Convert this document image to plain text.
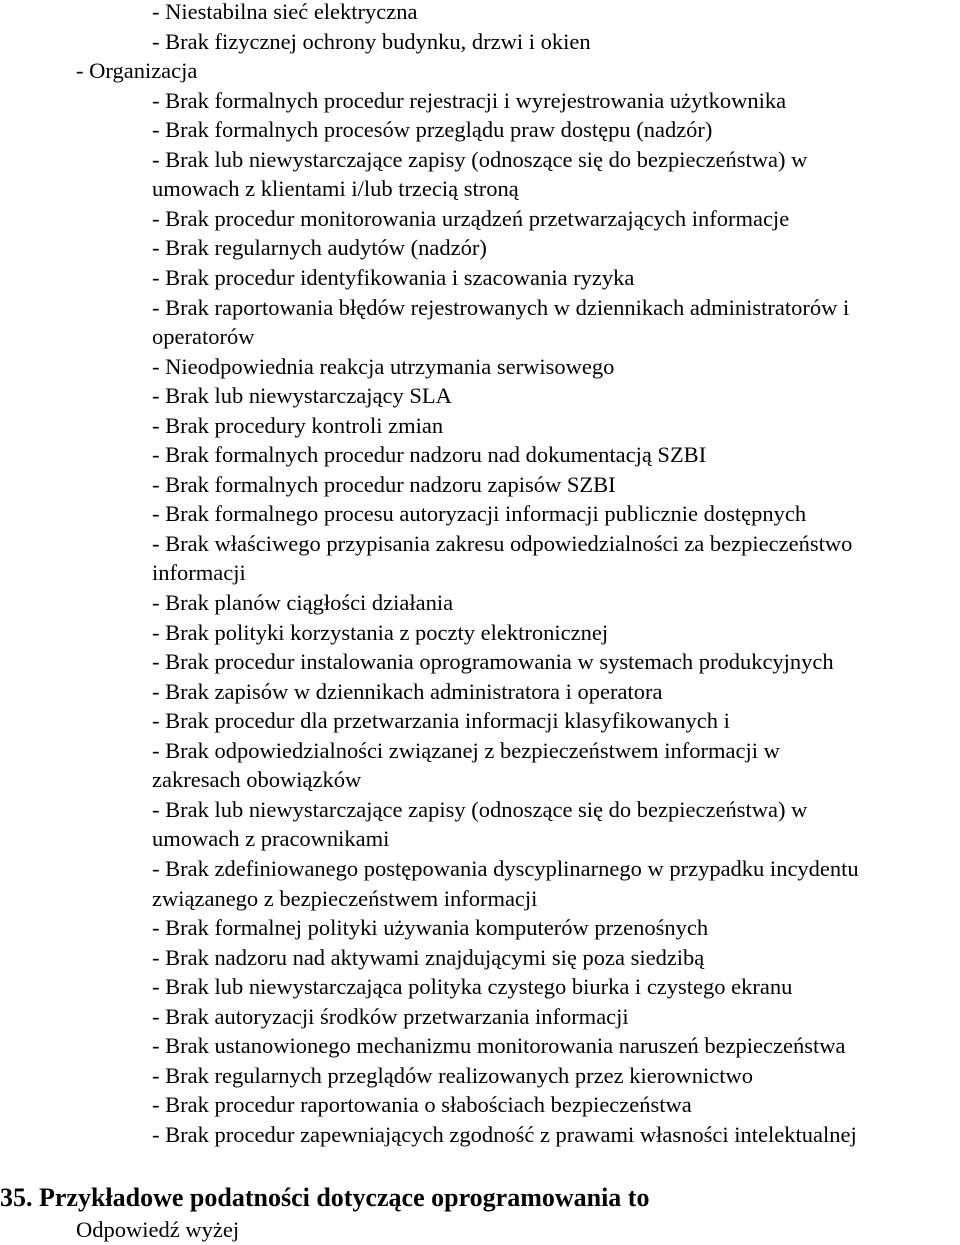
- Niestabilna sieć elektryczna
- Brak fizycznej ochrony budynku, drzwi i okien
- Organizacja
- Brak formalnych procedur rejestracji i wyrejestrowania użytkownika
- Brak formalnych procesów przeglądu praw dostępu (nadzór)
- Brak lub niewystarczające zapisy (odnoszące się do bezpieczeństwa) w
umowach z klientami i/lub trzecią stroną
- Brak procedur monitorowania urządzeń przetwarzających informacje
- Brak regularnych audytów (nadzór)
- Brak procedur identyfikowania i szacowania ryzyka
- Brak raportowania błędów rejestrowanych w dziennikach administratorów i
operatorów
- Nieodpowiednia reakcja utrzymania serwisowego
- Brak lub niewystarczający SLA
- Brak procedury kontroli zmian
- Brak formalnych procedur nadzoru nad dokumentacją SZBI
- Brak formalnych procedur nadzoru zapisów SZBI
- Brak formalnego procesu autoryzacji informacji publicznie dostępnych
- Brak właściwego przypisania zakresu odpowiedzialności za bezpieczeństwo
informacji
- Brak planów ciągłości działania
- Brak polityki korzystania z poczty elektronicznej
- Brak procedur instalowania oprogramowania w systemach produkcyjnych
- Brak zapisów w dziennikach administratora i operatora
- Brak procedur dla przetwarzania informacji klasyfikowanych i
- Brak odpowiedzialności związanej z bezpieczeństwem informacji w
zakresach obowiązków
- Brak lub niewystarczające zapisy (odnoszące się do bezpieczeństwa) w
umowach z pracownikami
- Brak zdefiniowanego postępowania dyscyplinarnego w przypadku incydentu
związanego z bezpieczeństwem informacji
- Brak formalnej polityki używania komputerów przenośnych
- Brak nadzoru nad aktywami znajdującymi się poza siedzibą
- Brak lub niewystarczająca polityka czystego biurka i czystego ekranu
- Brak autoryzacji środków przetwarzania informacji
- Brak ustanowionego mechanizmu monitorowania naruszeń bezpieczeństwa
- Brak regularnych przeglądów realizowanych przez kierownictwo
- Brak procedur raportowania o słabościach bezpieczeństwa
- Brak procedur zapewniających zgodność z prawami własności intelektualnej
35. Przykładowe podatności dotyczące oprogramowania to
Odpowiedź wyżej
